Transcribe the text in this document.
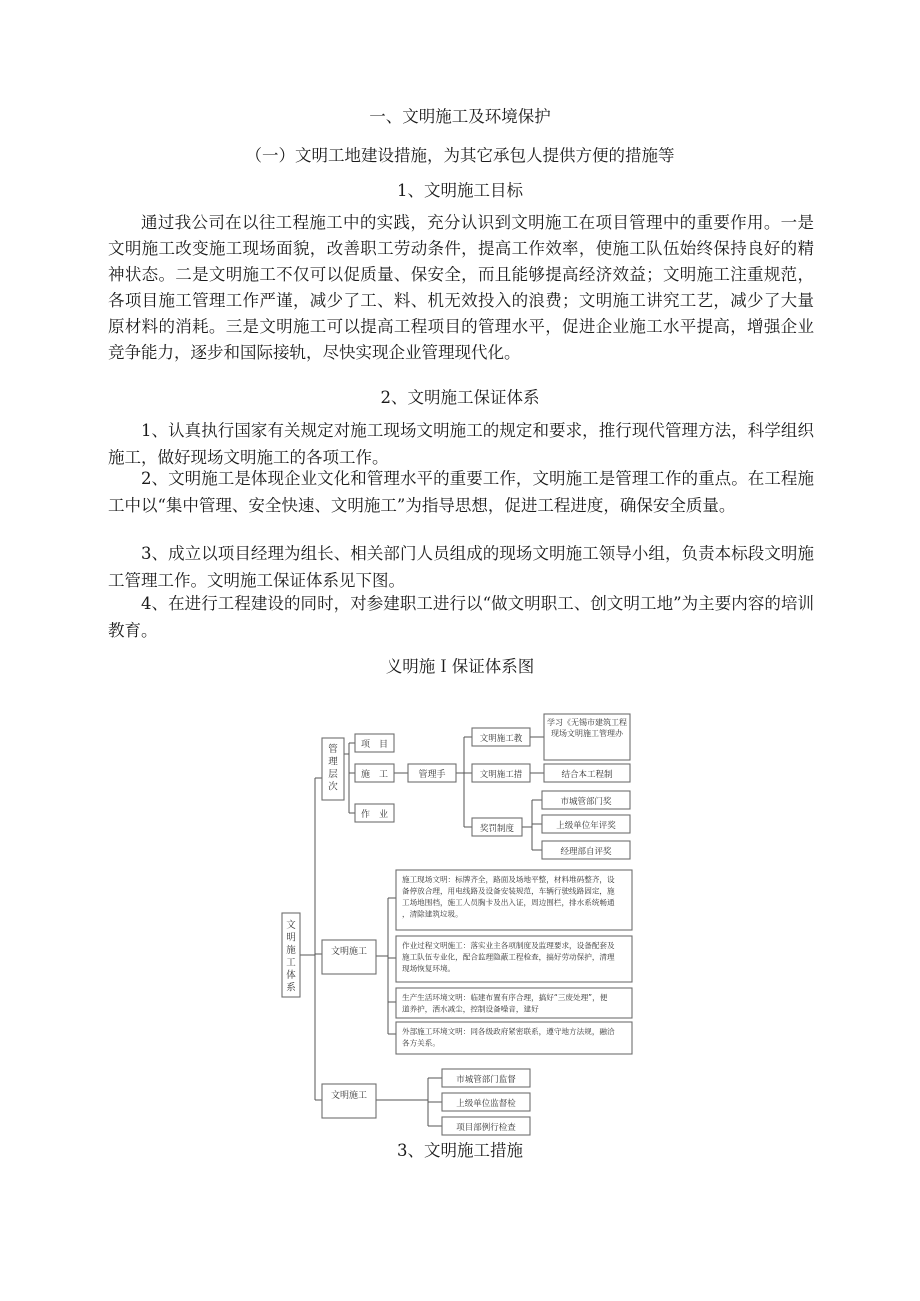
一、文明施工及环境保护
（一）文明工地建设措施，为其它承包人提供方便的措施等
1、文明施工目标

通过我公司在以往工程施工中的实践，充分认识到文明施工在项目管理中的重要作用。一是文明施工改变施工现场面貌，改善职工劳动条件，提高工作效率，使施工队伍始终保持良好的精神状态。二是文明施工不仅可以促质量、保安全，而且能够提高经济效益；文明施工注重规范，各项目施工管理工作严谨，减少了工、料、机无效投入的浪费；文明施工讲究工艺，减少了大量原材料的消耗。三是文明施工可以提高工程项目的管理水平，促进企业施工水平提高，增强企业竞争能力，逐步和国际接轨，尽快实现企业管理现代化。

2、文明施工保证体系

1、认真执行国家有关规定对施工现场文明施工的规定和要求，推行现代管理方法，科学组织施工，做好现场文明施工的各项工作。

2、文明施工是体现企业文化和管理水平的重要工作，文明施工是管理工作的重点。在工程施工中以“集中管理、安全快速、文明施工”为指导思想，促进工程进度，确保安全质量。

3、成立以项目经理为组长、相关部门人员组成的现场文明施工领导小组，负责本标段文明施工管理工作。文明施工保证体系见下图。

4、在进行工程建设的同时，对参建职工进行以“做文明职工、创文明工地”为主要内容的培训教育。

义明施Ｉ保证体系图
文明施工体系
管理层次
项　目
施　工
作　业
管理手
文明施工教
文明施工措
奖罚制度
学习《无锡市建筑工程现场文明施工管理办
结合本工程制
市城管部门奖
上级单位年评奖
经理部自评奖
文明施工
施工现场文明：标牌齐全，路面及场地平整，材料堆码整齐，设备停放合理，用电线路及设备安装规范，车辆行驶线路固定，施工场地围档，施工人员胸卡及出入证，周边围栏，排水系统畅通，清除建筑垃圾。
作业过程文明施工：落实业主各项制度及监理要求，设备配套及施工队伍专业化，配合监理隐蔽工程检查，搞好劳动保护，清理现场恢复环境。
生产生活环境文明：临建布置有序合理，搞好“三废处理”，便道养护，洒水减尘，控制设备噪音，建好
外部施工环境文明：同各级政府紧密联系，遵守地方法规，融洽各方关系。
文明施工
市城管部门监督
上级单位监督检
项目部例行检查
3、文明施工措施
